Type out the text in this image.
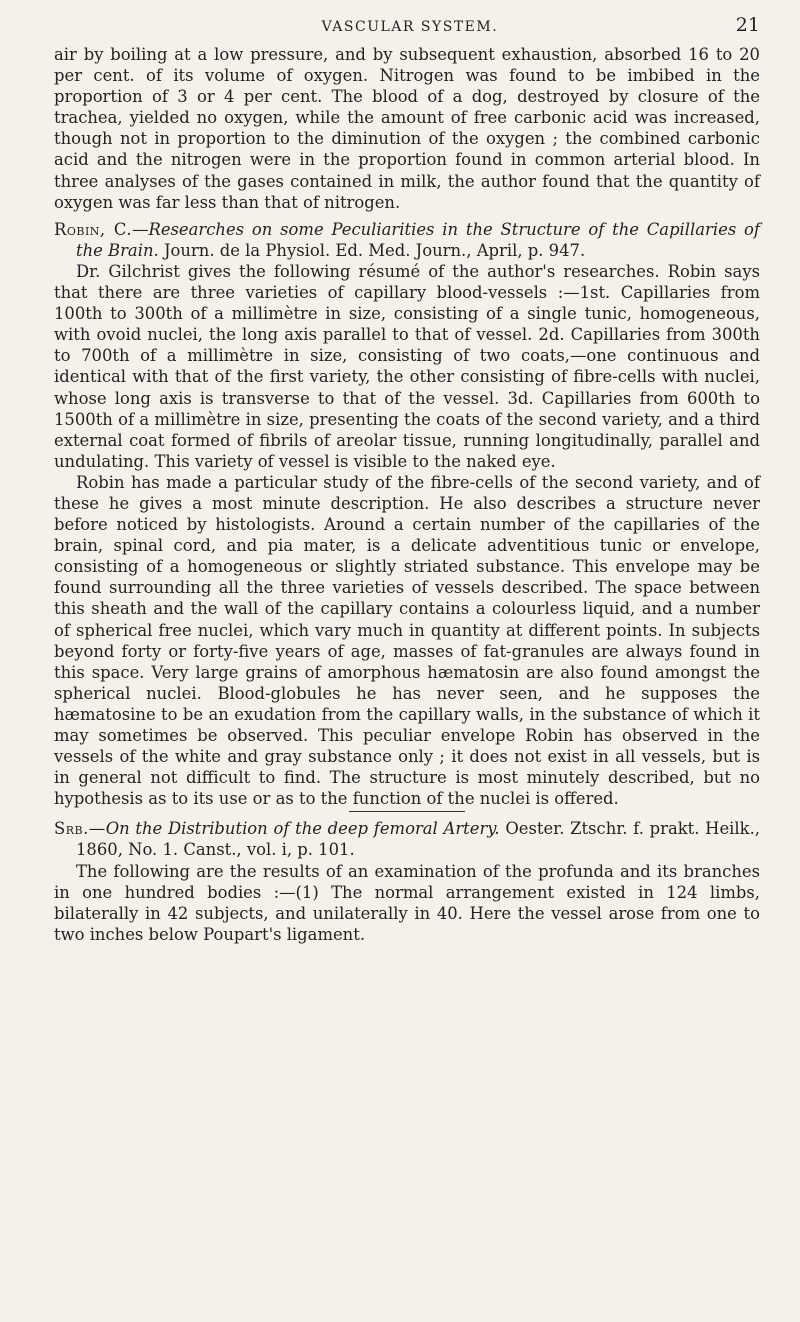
VASCULAR SYSTEM.	21

air by boiling at a low pressure, and by subsequent exhaustion, absorbed 16 to 20 per cent. of its volume of oxygen. Nitrogen was found to be imbibed in the proportion of 3 or 4 per cent. The blood of a dog, destroyed by closure of the trachea, yielded no oxygen, while the amount of free carbonic acid was increased, though not in proportion to the diminution of the oxygen ; the combined carbonic acid and the nitrogen were in the proportion found in common arterial blood. In three analyses of the gases contained in milk, the author found that the quantity of oxygen was far less than that of nitrogen.

Robin, C.—Researches on some Peculiarities in the Structure of the Capillaries of the Brain. Journ. de la Physiol. Ed. Med. Journ., April, p. 947.

Dr. Gilchrist gives the following résumé of the author's researches. Robin says that there are three varieties of capillary blood-vessels :—1st. Capillaries from 100th to 300th of a millimètre in size, consisting of a single tunic, homogeneous, with ovoid nuclei, the long axis parallel to that of vessel. 2d. Capillaries from 300th to 700th of a millimètre in size, consisting of two coats,—one continuous and identical with that of the first variety, the other consisting of fibre-cells with nuclei, whose long axis is transverse to that of the vessel. 3d. Capillaries from 600th to 1500th of a millimètre in size, presenting the coats of the second variety, and a third external coat formed of fibrils of areolar tissue, running longitudinally, parallel and undulating. This variety of vessel is visible to the naked eye.

Robin has made a particular study of the fibre-cells of the second variety, and of these he gives a most minute description. He also describes a structure never before noticed by histologists. Around a certain number of the capillaries of the brain, spinal cord, and pia mater, is a delicate adventitious tunic or envelope, consisting of a homogeneous or slightly striated substance. This envelope may be found surrounding all the three varieties of vessels described. The space between this sheath and the wall of the capillary contains a colourless liquid, and a number of spherical free nuclei, which vary much in quantity at different points. In subjects beyond forty or forty-five years of age, masses of fat-granules are always found in this space. Very large grains of amorphous hæmatosin are also found amongst the spherical nuclei. Blood-globules he has never seen, and he supposes the hæmatosine to be an exudation from the capillary walls, in the substance of which it may sometimes be observed. This peculiar envelope Robin has observed in the vessels of the white and gray substance only ; it does not exist in all vessels, but is in general not difficult to find. The structure is most minutely described, but no hypothesis as to its use or as to the function of the nuclei is offered.

Srb.—On the Distribution of the deep femoral Artery. Oester. Ztschr. f. prakt. Heilk., 1860, No. 1. Canst., vol. i, p. 101.

The following are the results of an examination of the profunda and its branches in one hundred bodies :—(1) The normal arrangement existed in 124 limbs, bilaterally in 42 subjects, and unilaterally in 40. Here the vessel arose from one to two inches below Poupart's ligament.
